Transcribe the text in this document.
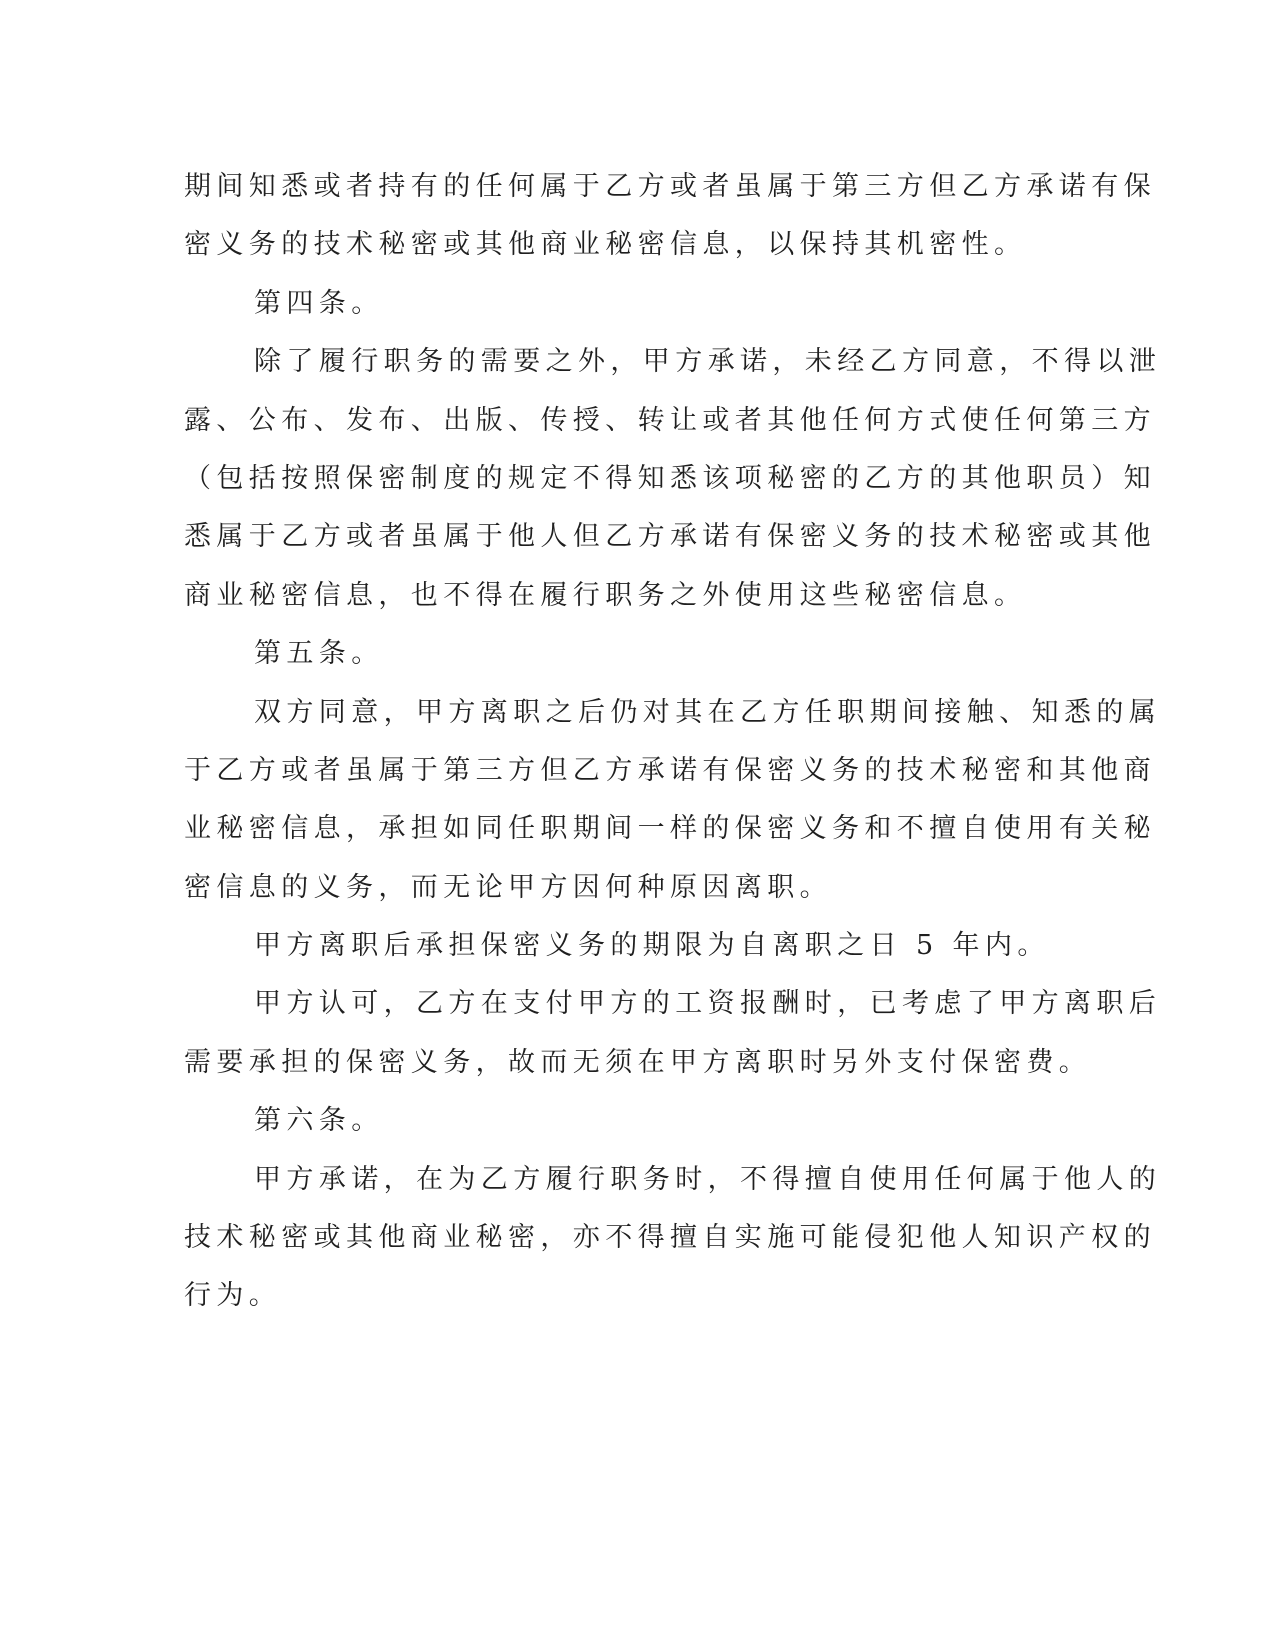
期间知悉或者持有的任何属于乙方或者虽属于第三方但乙方承诺有保
密义务的技术秘密或其他商业秘密信息，以保持其机密性。
第四条。
除了履行职务的需要之外，甲方承诺，未经乙方同意，不得以泄
露、公布、发布、出版、传授、转让或者其他任何方式使任何第三方
（包括按照保密制度的规定不得知悉该项秘密的乙方的其他职员）知
悉属于乙方或者虽属于他人但乙方承诺有保密义务的技术秘密或其他
商业秘密信息，也不得在履行职务之外使用这些秘密信息。
第五条。
双方同意，甲方离职之后仍对其在乙方任职期间接触、知悉的属
于乙方或者虽属于第三方但乙方承诺有保密义务的技术秘密和其他商
业秘密信息，承担如同任职期间一样的保密义务和不擅自使用有关秘
密信息的义务，而无论甲方因何种原因离职。
甲方离职后承担保密义务的期限为自离职之日 5 年内。
甲方认可，乙方在支付甲方的工资报酬时，已考虑了甲方离职后
需要承担的保密义务，故而无须在甲方离职时另外支付保密费。
第六条。
甲方承诺，在为乙方履行职务时，不得擅自使用任何属于他人的
技术秘密或其他商业秘密，亦不得擅自实施可能侵犯他人知识产权的
行为。
